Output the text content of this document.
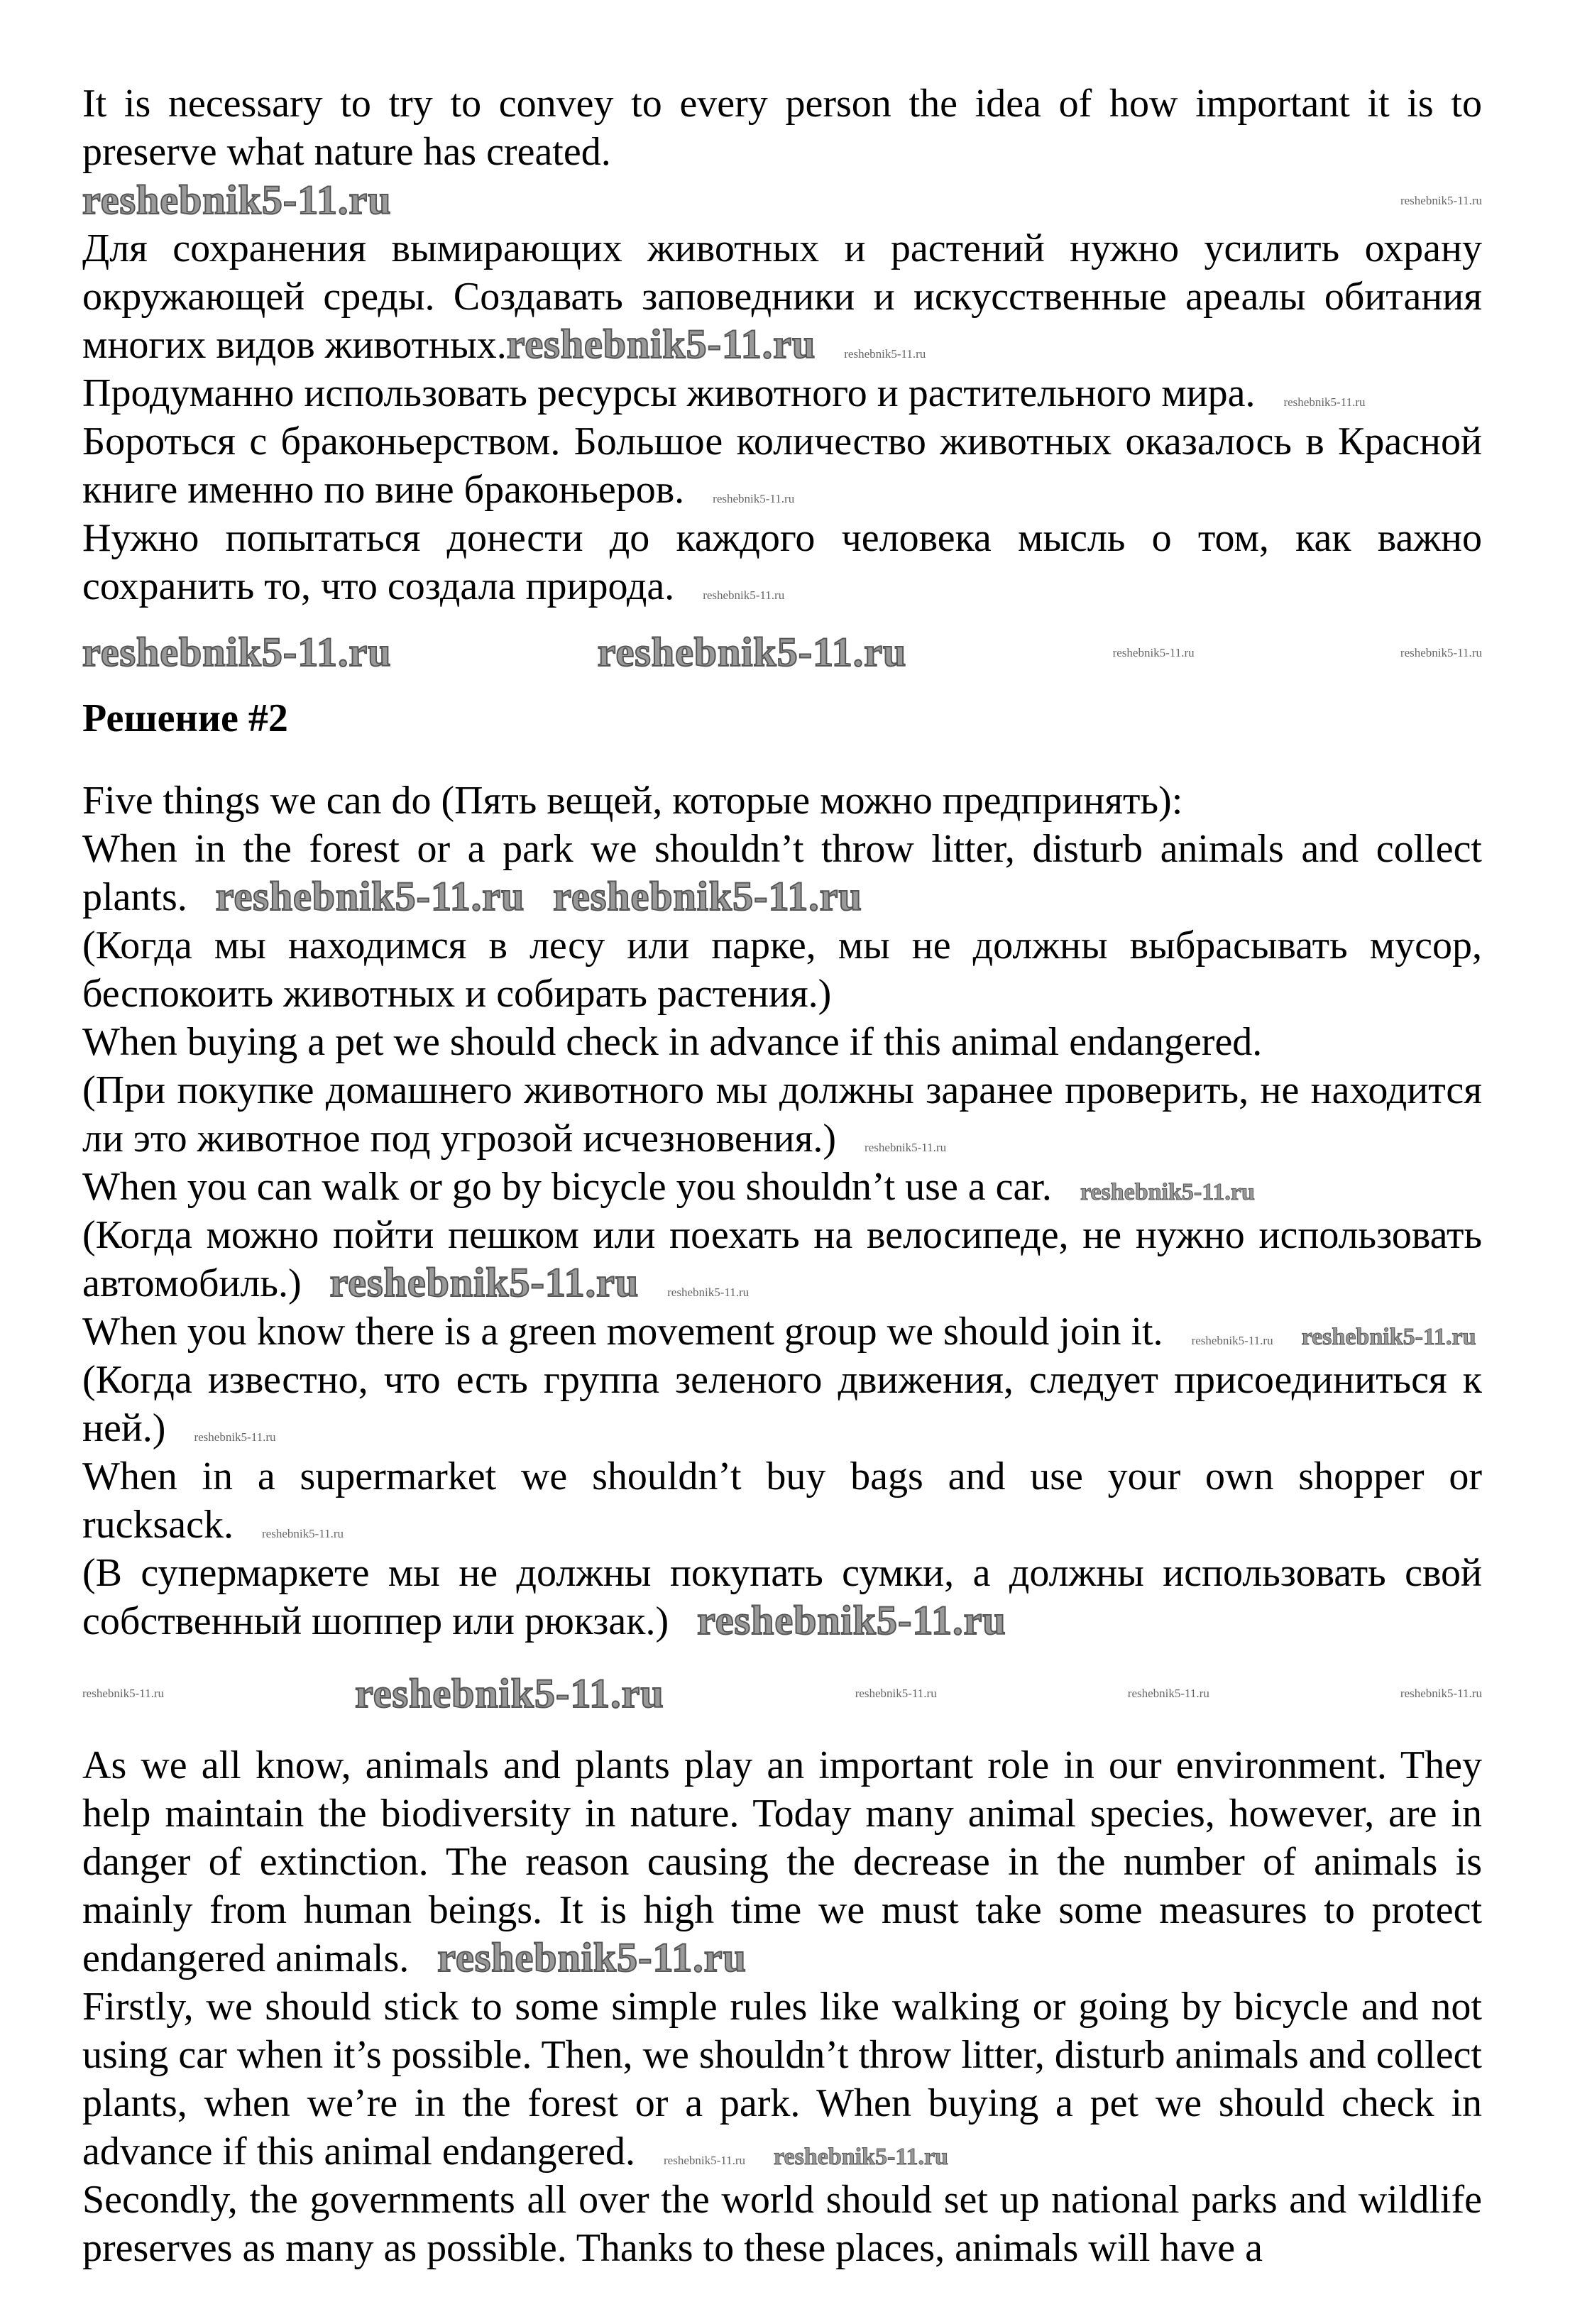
It is necessary to try to convey to every person the idea of how important it is to preserve what nature has created.

reshebnik5-11.ru	reshebnik5-11.ru

Для сохранения вымирающих животных и растений нужно усилить охрану окружающей среды. Создавать заповедники и искусственные ареалы обитания многих видов животных.reshebnik5-11.ru reshebnik5-11.ru

Продуманно использовать ресурсы животного и растительного мира. reshebnik5-11.ru

Бороться с браконьерством. Большое количество животных оказалось в Красной книге именно по вине браконьеров. reshebnik5-11.ru

Нужно попытаться донести до каждого человека мысль о том, как важно сохранить то, что создала природа. reshebnik5-11.ru

reshebnik5-11.ru	reshebnik5-11.ru	reshebnik5-11.ru	reshebnik5-11.ru

Решение #2

Five things we can do (Пять вещей, которые можно предпринять):

When in the forest or a park we shouldn’t throw litter, disturb animals and collect plants. reshebnik5-11.ru reshebnik5-11.ru

(Когда мы находимся в лесу или парке, мы не должны выбрасывать мусор, беспокоить животных и собирать растения.)

When buying a pet we should check in advance if this animal endangered.

(При покупке домашнего животного мы должны заранее проверить, не находится ли это животное под угрозой исчезновения.) reshebnik5-11.ru

When you can walk or go by bicycle you shouldn’t use a car. reshebnik5-11.ru

(Когда можно пойти пешком или поехать на велосипеде, не нужно использовать автомобиль.) reshebnik5-11.ru reshebnik5-11.ru

When you know there is a green movement group we should join it. reshebnik5-11.ru reshebnik5-11.ru

(Когда известно, что есть группа зеленого движения, следует присоединиться к ней.) reshebnik5-11.ru

When in a supermarket we shouldn’t buy bags and use your own shopper or rucksack. reshebnik5-11.ru

(В супермаркете мы не должны покупать сумки, а должны использовать свой собственный шоппер или рюкзак.) reshebnik5-11.ru

reshebnik5-11.ru	reshebnik5-11.ru	reshebnik5-11.ru	reshebnik5-11.ru	reshebnik5-11.ru

As we all know, animals and plants play an important role in our environment. They help maintain the biodiversity in nature. Today many animal species, however, are in danger of extinction. The reason causing the decrease in the number of animals is mainly from human beings. It is high time we must take some measures to protect endangered animals. reshebnik5-11.ru

Firstly, we should stick to some simple rules like walking or going by bicycle and not using car when it’s possible. Then, we shouldn’t throw litter, disturb animals and collect plants, when we’re in the forest or a park. When buying a pet we should check in advance if this animal endangered. reshebnik5-11.ru reshebnik5-11.ru

Secondly, the governments all over the world should set up national parks and wildlife preserves as many as possible. Thanks to these places, animals will have a
